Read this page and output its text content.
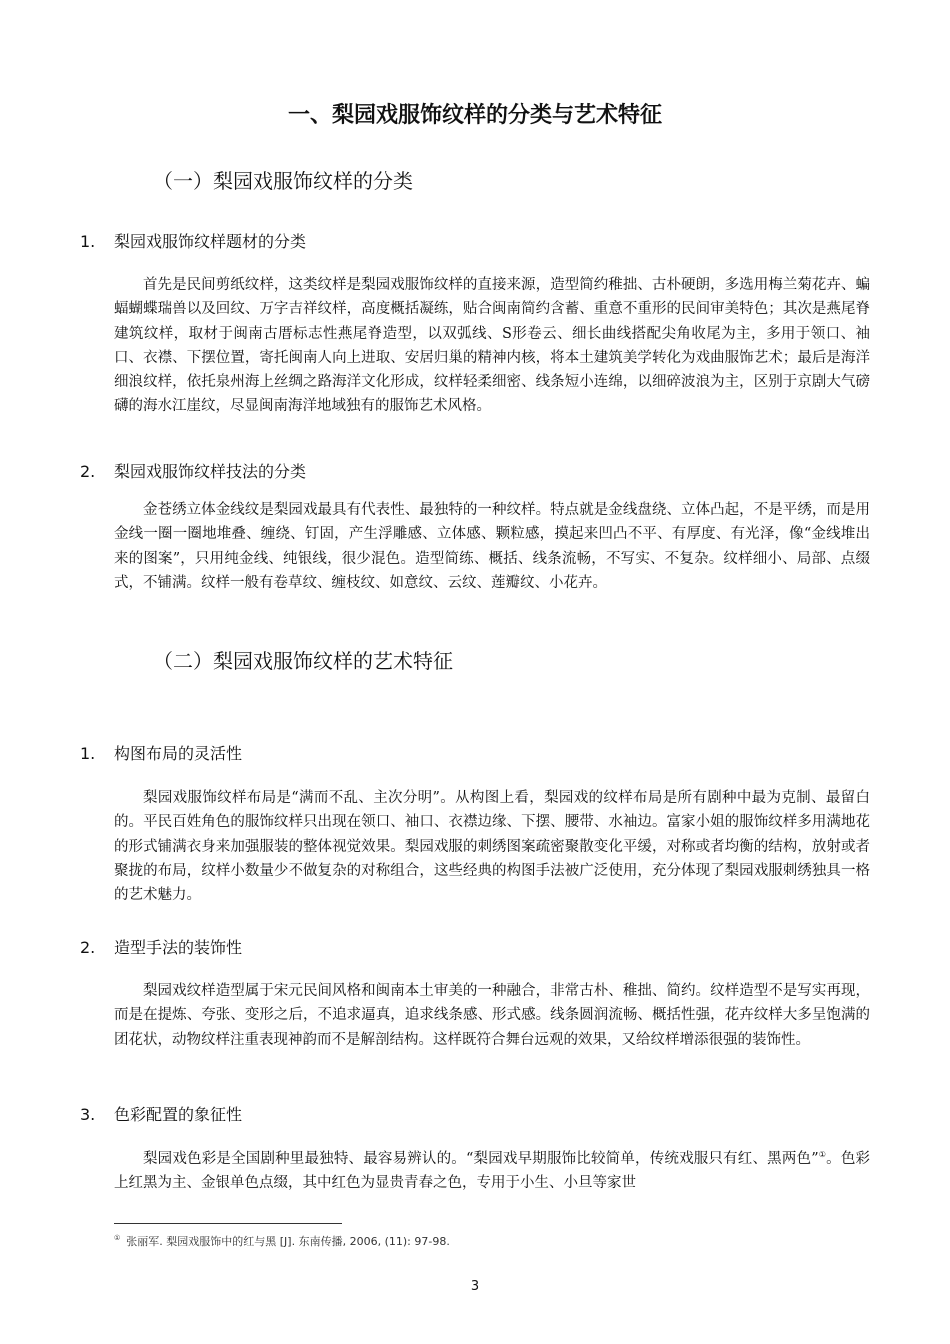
一、梨园戏服饰纹样的分类与艺术特征
（一）梨园戏服饰纹样的分类
1. 梨园戏服饰纹样题材的分类
首先是民间剪纸纹样，这类纹样是梨园戏服饰纹样的直接来源，造型简约稚拙、古朴硬朗，多选用梅兰菊花卉、蝙蝠蝴蝶瑞兽以及回纹、万字吉祥纹样，高度概括凝练，贴合闽南简约含蓄、重意不重形的民间审美特色；其次是燕尾脊建筑纹样，取材于闽南古厝标志性燕尾脊造型，以双弧线、S形卷云、细长曲线搭配尖角收尾为主，多用于领口、袖口、衣襟、下摆位置，寄托闽南人向上进取、安居归巢的精神内核，将本土建筑美学转化为戏曲服饰艺术；最后是海洋细浪纹样，依托泉州海上丝绸之路海洋文化形成，纹样轻柔细密、线条短小连绵，以细碎波浪为主，区别于京剧大气磅礴的海水江崖纹，尽显闽南海洋地域独有的服饰艺术风格。
2. 梨园戏服饰纹样技法的分类
金苍绣立体金线纹是梨园戏最具有代表性、最独特的一种纹样。特点就是金线盘绕、立体凸起，不是平绣，而是用金线一圈一圈地堆叠、缠绕、钉固，产生浮雕感、立体感、颗粒感，摸起来凹凸不平、有厚度、有光泽，像“金线堆出来的图案”，只用纯金线、纯银线，很少混色。造型简练、概括、线条流畅，不写实、不复杂。纹样细小、局部、点缀式，不铺满。纹样一般有卷草纹、缠枝纹、如意纹、云纹、莲瓣纹、小花卉。
（二）梨园戏服饰纹样的艺术特征
1. 构图布局的灵活性
梨园戏服饰纹样布局是“满而不乱、主次分明”。从构图上看，梨园戏的纹样布局是所有剧种中最为克制、最留白的。平民百姓角色的服饰纹样只出现在领口、袖口、衣襟边缘、下摆、腰带、水袖边。富家小姐的服饰纹样多用满地花的形式铺满衣身来加强服装的整体视觉效果。梨园戏服的刺绣图案疏密聚散变化平缓，对称或者均衡的结构，放射或者聚拢的布局，纹样小数量少不做复杂的对称组合，这些经典的构图手法被广泛使用，充分体现了梨园戏服刺绣独具一格的艺术魅力。
2. 造型手法的装饰性
梨园戏纹样造型属于宋元民间风格和闽南本土审美的一种融合，非常古朴、稚拙、简约。纹样造型不是写实再现，而是在提炼、夸张、变形之后，不追求逼真，追求线条感、形式感。线条圆润流畅、概括性强，花卉纹样大多呈饱满的团花状，动物纹样注重表现神韵而不是解剖结构。这样既符合舞台远观的效果，又给纹样增添很强的装饰性。
3. 色彩配置的象征性
梨园戏色彩是全国剧种里最独特、最容易辨认的。“梨园戏早期服饰比较简单，传统戏服只有红、黑两色”①。色彩上红黑为主、金银单色点缀，其中红色为显贵青春之色，专用于小生、小旦等家世
① 张丽军. 梨园戏服饰中的红与黑 [J]. 东南传播, 2006, (11): 97-98.
3
